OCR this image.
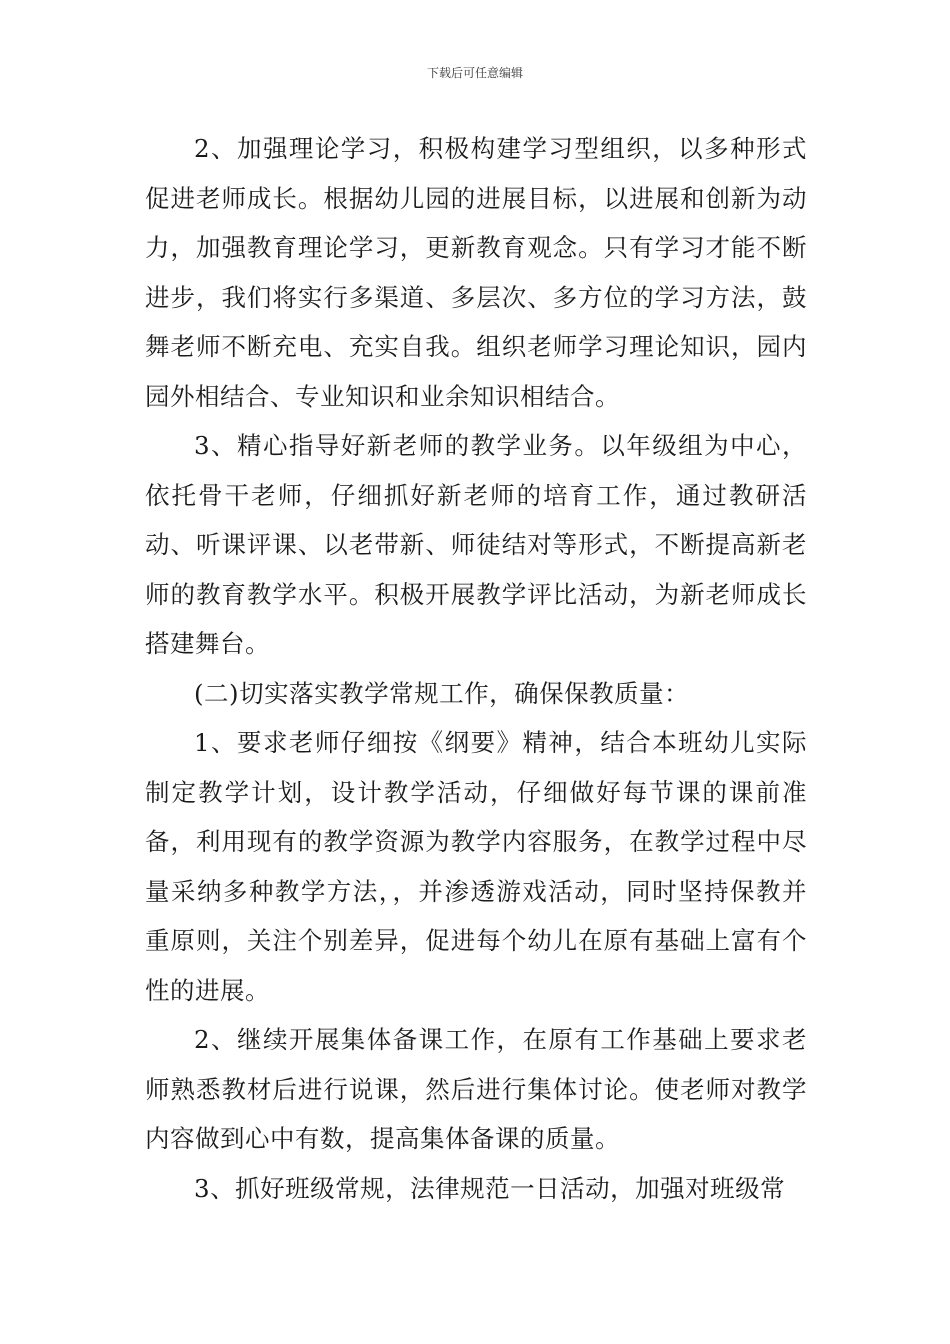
下载后可任意编辑

2、加强理论学习，积极构建学习型组织，以多种形式促进老师成长。根据幼儿园的进展目标，以进展和创新为动力，加强教育理论学习，更新教育观念。只有学习才能不断进步，我们将实行多渠道、多层次、多方位的学习方法，鼓舞老师不断充电、充实自我。组织老师学习理论知识，园内园外相结合、专业知识和业余知识相结合。

3、精心指导好新老师的教学业务。以年级组为中心，依托骨干老师，仔细抓好新老师的培育工作，通过教研活动、听课评课、以老带新、师徒结对等形式，不断提高新老师的教育教学水平。积极开展教学评比活动，为新老师成长搭建舞台。

(二)切实落实教学常规工作，确保保教质量：

1、要求老师仔细按《纲要》精神，结合本班幼儿实际制定教学计划，设计教学活动，仔细做好每节课的课前准备，利用现有的教学资源为教学内容服务，在教学过程中尽量采纳多种教学方法，，并渗透游戏活动，同时坚持保教并重原则，关注个别差异，促进每个幼儿在原有基础上富有个性的进展。

2、继续开展集体备课工作，在原有工作基础上要求老师熟悉教材后进行说课，然后进行集体讨论。使老师对教学内容做到心中有数，提高集体备课的质量。

3、抓好班级常规，法律规范一日活动，加强对班级常
